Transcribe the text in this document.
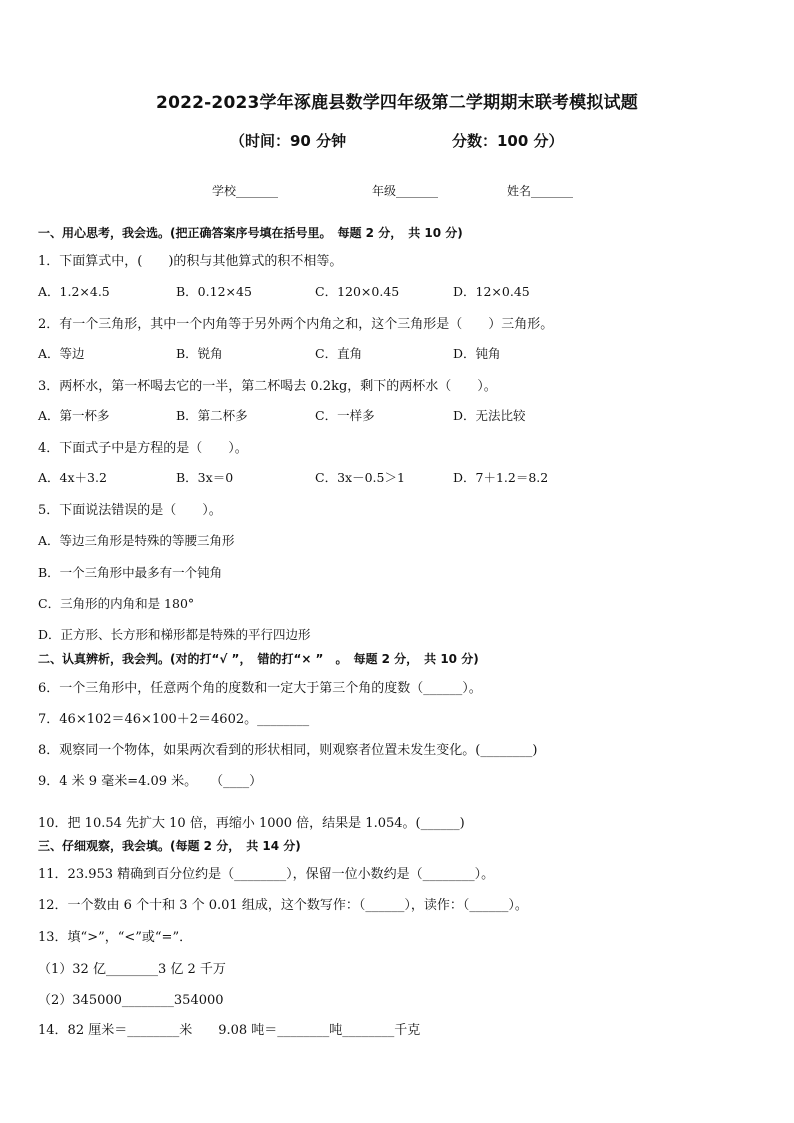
2022-2023学年涿鹿县数学四年级第二学期期末联考模拟试题
（时间：90 分钟	分数：100 分）
学校_______	年级_______	姓名_______
一、用心思考，我会选。(把正确答案序号填在括号里。　每题 2 分，　共 10 分)
1．下面算式中，(　　)的积与其他算式的积不相等。
A．1.2×4.5	B．0.12×45	C．120×0.45	D．12×0.45
2．有一个三角形，其中一个内角等于另外两个内角之和，这个三角形是（　　）三角形。
A．等边	B．锐角	C．直角	D．钝角
3．两杯水，第一杯喝去它的一半，第二杯喝去 0.2kg，剩下的两杯水（　　）。
A．第一杯多	B．第二杯多	C．一样多	D．无法比较
4．下面式子中是方程的是（　　）。
A．4x＋3.2	B．3x＝0	C．3x－0.5＞1	D．7＋1.2＝8.2
5．下面说法错误的是（　　）。
A．等边三角形是特殊的等腰三角形
B．一个三角形中最多有一个钝角
C．三角形的内角和是 180°
D．正方形、长方形和梯形都是特殊的平行四边形
二、认真辨析，我会判。(对的打“√ ”，　错的打“× ”　。　每题 2 分，　共 10 分)
6．一个三角形中，任意两个角的度数和一定大于第三个角的度数（______）。
7．46×102＝46×100＋2＝4602。________
8．观察同一个物体，如果两次看到的形状相同，则观察者位置未发生变化。(________)
9．4 米 9 毫米=4.09 米。　　（____）
10．把 10.54 先扩大 10 倍，再缩小 1000 倍，结果是 1.054。(______)
三、仔细观察，我会填。(每题 2 分，　共 14 分)
11．23.953 精确到百分位约是（________），保留一位小数约是（________）。
12．一个数由 6 个十和 3 个 0.01 组成，这个数写作：（______），读作：（______）。
13．填“>”，“<”或“=”．
（1）32 亿________3 亿 2 千万
（2）345000________354000
14．82 厘米＝________米　　9.08 吨＝________吨________千克
